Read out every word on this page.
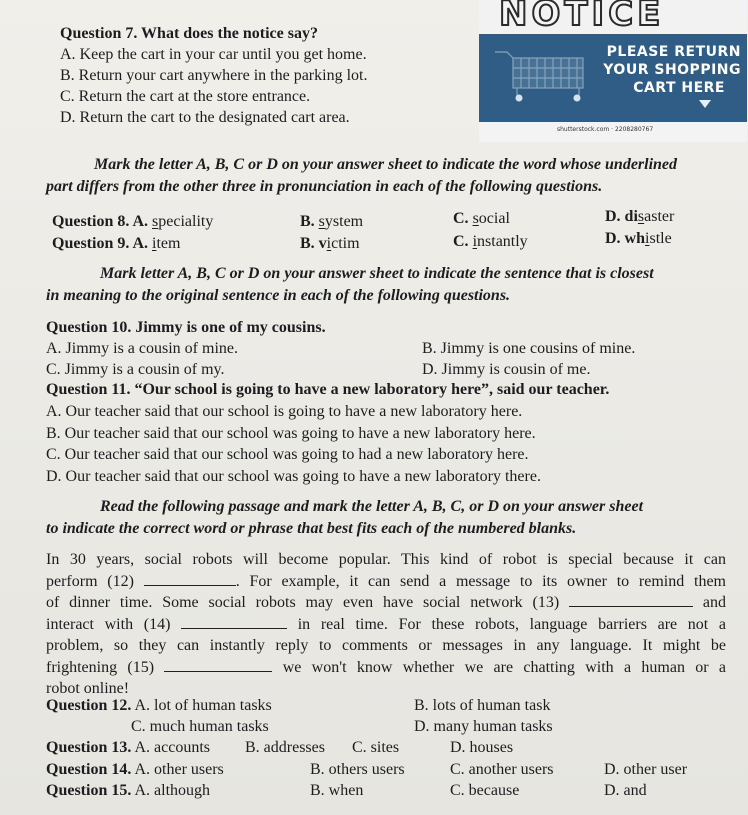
Question 7. What does the notice say?
A. Keep the cart in your car until you get home.
B. Return your cart anywhere in the parking lot.
C. Return the cart at the store entrance.
D. Return the cart to the designated cart area.
NOTICE
PLEASE RETURN
YOUR SHOPPING
CART HERE
shutterstock.com · 2208280767
Mark the letter A, B, C or D on your answer sheet to indicate the word whose underlined
part differs from the other three in pronunciation in each of the following questions.
Question 8. A. speciality	B. system	C. social	D. disaster
Question 9. A. item	B. victim	C. instantly	D. whistle
Mark letter A, B, C or D on your answer sheet to indicate the sentence that is closest
in meaning to the original sentence in each of the following questions.
Question 10. Jimmy is one of my cousins.
A. Jimmy is a cousin of mine.	B. Jimmy is one cousins of mine.
C. Jimmy is a cousin of my.	D. Jimmy is cousin of me.
Question 11. “Our school is going to have a new laboratory here”, said our teacher.
A. Our teacher said that our school is going to have a new laboratory here.
B. Our teacher said that our school was going to have a new laboratory here.
C. Our teacher said that our school was going to had a new laboratory here.
D. Our teacher said that our school was going to have a new laboratory there.
Read the following passage and mark the letter A, B, C, or D on your answer sheet
to indicate the correct word or phrase that best fits each of the numbered blanks.
In 30 years, social robots will become popular. This kind of robot is special because it can
perform (12)	. For example, it can send a message to its owner to remind them
of dinner time. Some social robots may even have social network (13)	and
interact with (14)	in real time. For these robots, language barriers are not a
problem, so they can instantly reply to comments or messages in any language. It might be
frightening (15)	we won't know whether we are chatting with a human or a
robot online!
Question 12. A. lot of human tasks	B. lots of human task
C. much human tasks	D. many human tasks
Question 13. A. accounts B. addresses C. sites	D. houses
Question 14. A. other users	B. others users	C. another users	D. other user
Question 15. A. although	B. when	C. because	D. and
